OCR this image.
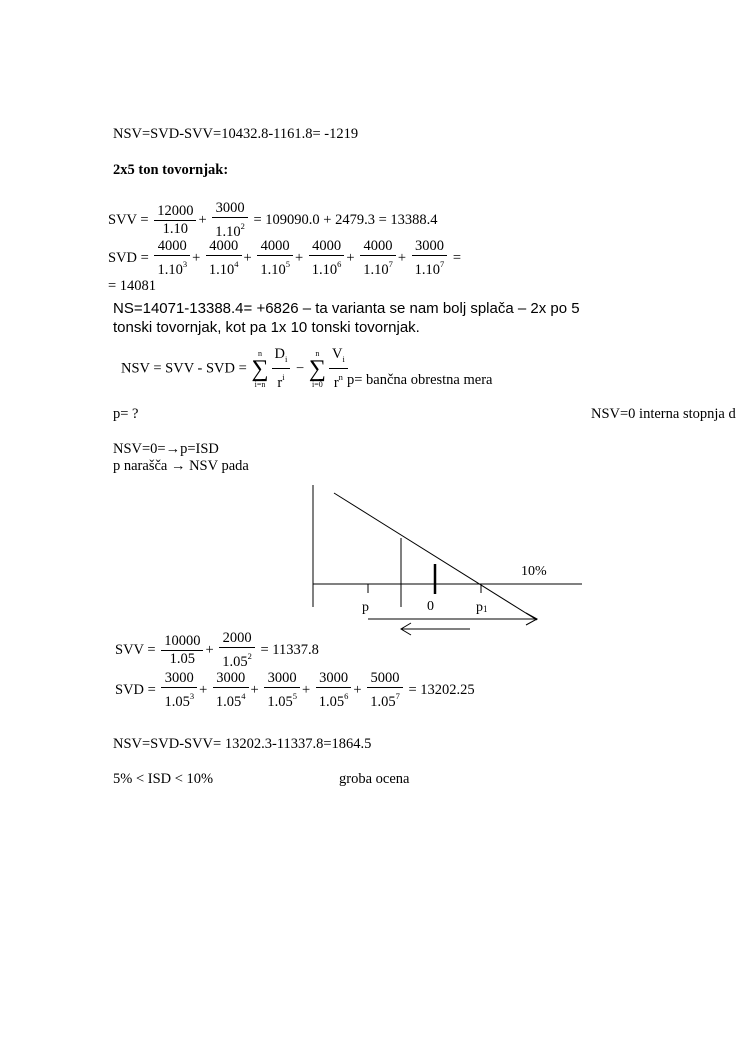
NSV=SVD-SVV=10432.8-1161.8= -1219
2x5 ton tovornjak:
SVV = $\frac{12000}{1.10} + \frac{3000}{1.10^2} = 109090.0 + 2479.3 = 13388.4$
SVD = $\frac{4000}{1.10^3} + \frac{4000}{1.10^4} + \frac{4000}{1.10^5} + \frac{4000}{1.10^6} + \frac{4000}{1.10^7} + \frac{3000}{1.10^7}$ =
= 14081
NS=14071-13388.4= +6826 – ta varianta se nam bolj splača – 2x po 5
tonski tovornjak, kot pa 1x 10 tonski tovornjak.
NSV = SVV - SVD = n
∑
$i=n \frac{D_i}{r^i} - n$
∑
$i=0 \frac{V_i}{r^n} p=$ bančna obrestna mera
p= ?	NSV=0 interna stopnja d
NSV=0=→p=ISD
p narašča → NSV pada
10%
p	0	p1
SVV = $\frac{10000}{1.05} + \frac{2000}{1.05^2} = 11337.8$
SVD = $\frac{3000}{1.05^3} + \frac{3000}{1.05^4} + \frac{3000}{1.05^5} + \frac{3000}{1.05^6} + \frac{5000}{1.05^7} = 13202.25$
NSV=SVD-SVV= 13202.3-11337.8=1864.5
5% < ISD < 10%	groba ocena
